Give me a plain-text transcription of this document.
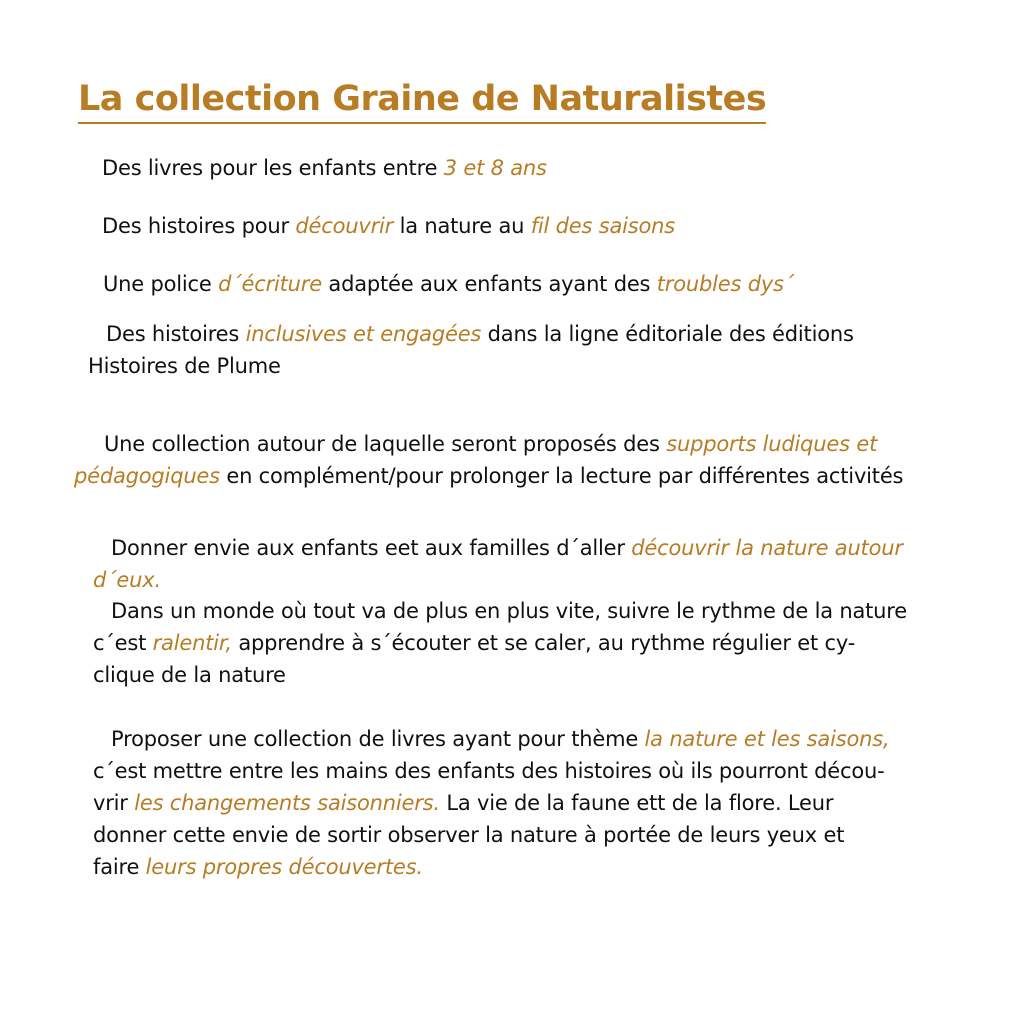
La collection Graine de Naturalistes

Des livres pour les enfants entre 3 et 8 ans

Des histoires pour découvrir la nature au fil des saisons

Une police d´écriture adaptée aux enfants ayant des troubles dys´

Des histoires inclusives et engagées dans la ligne éditoriale des éditions
Histoires de Plume

Une collection autour de laquelle seront proposés des supports ludiques et
pédagogiques en complément/pour prolonger la lecture par différentes activités

Donner envie aux enfants eet aux familles d´aller découvrir la nature autour
d´eux.

Dans un monde où tout va de plus en plus vite, suivre le rythme de la nature
c´est ralentir, apprendre à s´écouter et se caler, au rythme régulier et cy-
clique de la nature

Proposer une collection de livres ayant pour thème la nature et les saisons,
c´est mettre entre les mains des enfants des histoires où ils pourront décou-
vrir les changements saisonniers. La vie de la faune ett de la flore. Leur
donner cette envie de sortir observer la nature à portée de leurs yeux et
faire leurs propres découvertes.
